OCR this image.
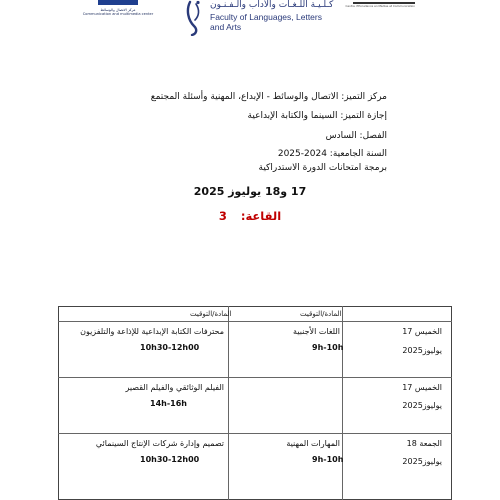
مركز الاتصال والوسائط
Communication and multimedia center
كـلـيـة اللـغـات والآداب والـفـنـون
Faculty of Languages, Letters and Arts
Centre d'Excellence en Médias et Communication
مركز التميز: الاتصال والوسائط - الإبداع، المهنية وأسئلة المجتمع
إجازة التميز: السينما والكتابة الإبداعية
الفصل: السادس
السنة الجامعية: 2024-2025
برمجة امتحانات الدورة الاستدراكية
17 و18 يوليوز 2025
القاعة: 3
المادة/التوقيت
المادة/التوقيت
الخميس 17
يوليوز2025
اللغات الأجنبية
9h-10h
محترفات الكتابة الإبداعية للإذاعة والتلفزيون
10h30-12h00
الخميس 17
يوليوز2025
الفيلم الوثائقي والفيلم القصير
14h-16h
الجمعة 18
يوليوز2025
المهارات المهنية
9h-10h
تصميم وإدارة شركات الإنتاج السينمائي
10h30-12h00
